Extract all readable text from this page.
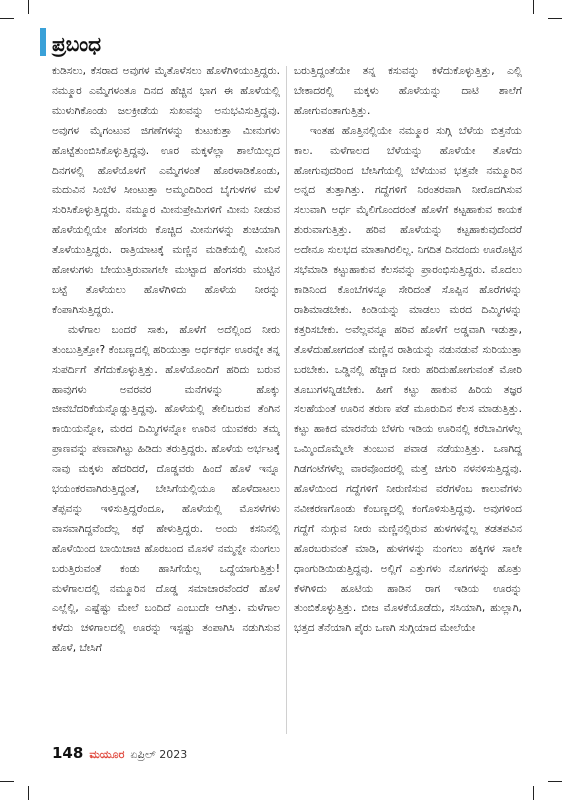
ಪ್ರಬಂಧ

ಕುಡಿಸಲು, ಕೆಸರಾದ ಅವುಗಳ ಮೈತೊಳೆಸಲು ಹೊಳೆಗಿಳಿಯುತ್ತಿದ್ದರು. ನಮ್ಮೂರ ಎಮ್ಮೆಗಳಂತೂ ದಿನದ ಹೆಚ್ಚಿನ ಭಾಗ ಈ ಹೊಳೆಯಲ್ಲಿ ಮುಳುಗಿಕೊಂಡು ಜಲಕ್ರೀಡೆಯ ಸುಖವನ್ನು ಅನುಭವಿಸುತ್ತಿದ್ದವು. ಅವುಗಳ ಮೈಗಂಟುವ ಜಿಗಣೆಗಳನ್ನು ಕುಟುಕುತ್ತಾ ಮೀನುಗಳು ಹೊಟ್ಟೆತುಂಬಿಸಿಕೊಳ್ಳುತ್ತಿದ್ದವು. ಊರ ಮಕ್ಕಳೆಲ್ಲಾ ಶಾಲೆಯಿಲ್ಲದ ದಿನಗಳಲ್ಲಿ ಹೊಳೆಯೊಳಗೆ ಎಮ್ಮೆಗಳಂತೆ ಹೊರಳಾಡಿಕೊಂಡು, ಮದುವಿನ ಸಿಂಬೆಳ ಸೀಂಟುತ್ತಾ ಅಮ್ಮಂದಿರಿಂದ ಬೈಗುಳಗಳ ಮಳೆ ಸುರಿಸಿಕೊಳ್ಳುತ್ತಿದ್ದರು. ನಮ್ಮೂರ ಮೀನುಪ್ರೇಮಿಗಳಿಗೆ ಮೀನು ನೀಡುವ ಹೊಳೆಯಲ್ಲಿಯೇ ಹೆಂಗಸರು ಕೊಚ್ಚಿದ ಮೀನುಗಳನ್ನು ಶುಚಿಯಾಗಿ ತೊಳೆಯುತ್ತಿದ್ದರು. ರಾತ್ರಿಯಾಟಕ್ಕೆ ಮಣ್ಣಿನ ಮಡಿಕೆಯಲ್ಲಿ ಮೀನಿನ ಹೋಳುಗಳು ಬೇಯುತ್ತಿರುವಾಗಲೇ ಮುಟ್ಟಾದ ಹೆಂಗಸರು ಮುಟ್ಟಿನ ಬಟ್ಟೆ ತೊಳೆಯಲು ಹೊಳೆಗಿಳಿದು ಹೊಳೆಯ ನೀರನ್ನು ಕೆಂಪಾಗಿಸುತ್ತಿದ್ದರು.

ಮಳೆಗಾಲ ಬಂದರೆ ಸಾಕು, ಹೊಳೆಗೆ ಅದೆಲ್ಲಿಂದ ನೀರು ತುಂಬುತ್ತಿತ್ತೋ? ಕೆಂಬಣ್ಣದಲ್ಲಿ ಹರಿಯುತ್ತಾ ಅರ್ಧಕರ್ಧ ಊರನ್ನೇ ತನ್ನ ಸುಪರ್ದಿಗೆ ತೆಗೆದುಕೊಳ್ಳುತ್ತಿತ್ತು. ಹೊಳೆಯೊಂದಿಗೆ ಹರಿದು ಬರುವ ಹಾವುಗಳು ಅವರವರ ಮನೆಗಳನ್ನು ಹೊಕ್ಕು ಜೀವಬೆದರಿಕೆಯನ್ನೊಡ್ಡುತ್ತಿದ್ದವು. ಹೊಳೆಯಲ್ಲಿ ತೇಲಿಬರುವ ತೆಂಗಿನ ಕಾಯಿಯನ್ನೋ, ಮರದ ದಿಮ್ಮಿಗಳನ್ನೋ ಊರಿನ ಯುವಕರು ತಮ್ಮ ಪ್ರಾಣವನ್ನು ಪಣವಾಗಿಟ್ಟು ಹಿಡಿದು ತರುತ್ತಿದ್ದರು. ಹೊಳೆಯ ಅರ್ಭಟಕ್ಕೆ ನಾವು ಮಕ್ಕಳು ಹೆದರಿದರೆ, ದೊಡ್ಡವರು ಹಿಂದೆ ಹೊಳೆ ಇನ್ನೂ ಭಯಂಕರವಾಗಿರುತ್ತಿದ್ದಂತೆ, ಬೇಸಿಗೆಯಲ್ಲಿಯೂ ಹೊಳೆದಾಟಲು ತೆಪ್ಪವನ್ನು ಇಳಿಸುತ್ತಿದ್ದರೆಂದೂ, ಹೊಳೆಯಲ್ಲಿ ಮೊಸಳೆಗಳು ವಾಸವಾಗಿದ್ದವೆಂದೆಲ್ಲ ಕಥೆ ಹೇಳುತ್ತಿದ್ದರು. ಅಂದು ಕಸನಿನಲ್ಲಿ ಹೊಳೆಯಿಂದ ಬಾಯಿಚಾಚಿ ಹೊರಬಂದ ಮೊಸಳೆ ನಮ್ಮನ್ನೇ ನುಂಗಲು ಬರುತ್ತಿರುವಂತೆ ಕಂಡು ಹಾಸಿಗೆಯೆಲ್ಲ ಒದ್ದೆಯಾಗುತ್ತಿತ್ತು! ಮಳೆಗಾಲದಲ್ಲಿ ನಮ್ಮೂರಿನ ದೊಡ್ಡ ಸಮಾಚಾರವೆಂದರೆ ಹೊಳೆ ಎಲ್ಲೆಲ್ಲಿ, ಎಷ್ಟೆಷ್ಟು ಮೇಲೆ ಬಂದಿದೆ ಎಂಬುದೇ ಆಗಿತ್ತು. ಮಳೆಗಾಲ ಕಳೆದು ಚಳಿಗಾಲದಲ್ಲಿ ಊರನ್ನು ಇಸ್ಪಷ್ಟು ತಂಪಾಗಿಸಿ ನಡುಗಿಸುವ ಹೊಳೆ, ಬೇಸಿಗೆ

ಬರುತ್ತಿದ್ದಂತೆಯೇ ತನ್ನ ಕಸುವನ್ನು ಕಳೆದುಕೊಳ್ಳುತ್ತಿತ್ತು, ಎಲ್ಲಿ ಬೇಕಾದರಲ್ಲಿ ಮಕ್ಕಳು ಹೊಳೆಯನ್ನು ದಾಟಿ ಶಾಲೆಗೆ ಹೋಗುವಂತಾಗುತ್ತಿತ್ತು.

ಇಂತಹ ಹೊತ್ತಿನಲ್ಲಿಯೇ ನಮ್ಮೂರ ಸುಗ್ಗಿ ಬೆಳೆಯ ಬಿತ್ತನೆಯ ಕಾಲ. ಮಳೆಗಾಲದ ಬೆಳೆಯನ್ನು ಹೊಳೆಯೇ ತೊಳೆದು ಹೋಗುವುದರಿಂದ ಬೇಸಿಗೆಯಲ್ಲಿ ಬೆಳೆಯುವ ಭತ್ತವೇ ನಮ್ಮೂರಿನ ಅನ್ನದ ತುತ್ತಾಗಿತ್ತು. ಗದ್ದೆಗಳಿಗೆ ನಿರಂತರವಾಗಿ ನೀರೊದಗಿಸುವ ಸಲುವಾಗಿ ಅರ್ಧ ಮೈಲಿಗೊಂದರಂತೆ ಹೊಳೆಗೆ ಕಟ್ಟಹಾಕುವ ಕಾಯಕ ಶುರುವಾಗುತ್ತಿತ್ತು. ಹರಿವ ಹೊಳೆಯನ್ನು ಕಟ್ಟಹಾಕುವುದೆಂದರೆ ಅದೇನೂ ಸುಲಭದ ಮಾತಾಗಿರಲಿಲ್ಲ. ನಿಗದಿತ ದಿನದಂದು ಊರೊಟ್ಟಿನ ಸಭೆಮಾಡಿ ಕಟ್ಟುಹಾಕುವ ಕೆಲಸವನ್ನು ಪ್ರಾರಂಭಿಸುತ್ತಿದ್ದರು. ಮೊದಲು ಕಾಡಿನಿಂದ ಕೊಂಬೆಗಳನ್ನೂ ಸೇರಿದಂತೆ ಸೊಪ್ಪಿನ ಹೊರೆಗಳನ್ನು ರಾಶಿಮಾಡಬೇಕು. ಕಿಂಡಿಯನ್ನು ಮಾಡಲು ಮರದ ದಿಮ್ಮಿಗಳನ್ನು ಕತ್ತರಿಸಬೇಕು. ಅವೆಲ್ಲವನ್ನೂ ಹರಿವ ಹೊಳೆಗೆ ಅಡ್ಡವಾಗಿ ಇಡುತ್ತಾ, ತೊಳೆದುಹೋಗದಂತೆ ಮಣ್ಣಿನ ರಾಶಿಯನ್ನು ನಡುನಡುವೆ ಸುರಿಯುತ್ತಾ ಬರಬೇಕು. ಒಡ್ಡಿನಲ್ಲಿ ಹೆಚ್ಚಾದ ನೀರು ಹರಿದುಹೋಗುವಂತೆ ಮೋರಿ ತೂಬುಗಳನ್ನಿಡಬೇಕು. ಹೀಗೆ ಕಟ್ಟು ಹಾಕುವ ಹಿರಿಯ ತಜ್ಞರ ಸಲಹೆಯಂತೆ ಊರಿನ ತರುಣ ಪಡೆ ಮೂರುದಿನ ಕೆಲಸ ಮಾಡುತ್ತಿತ್ತು. ಕಟ್ಟು ಹಾಕಿದ ಮಾರನೆಯ ಬೆಳಗು ಇಡಿಯ ಊರಿನಲ್ಲಿ ಕರೆಬಾವಿಗಳೆಲ್ಲ ಒಮ್ಮಿಂದೊಮ್ಮೆಲೇ ತುಂಬುವ ಪವಾಡ ನಡೆಯುತ್ತಿತ್ತು. ಒಣಗಿದ್ದ ಗಿಡಗಂಟೆಗಳೆಲ್ಲ ವಾರವೊಂದರಲ್ಲಿ ಮತ್ತೆ ಚಿಗುರಿ ನಳನಳಿಸುತ್ತಿದ್ದವು. ಹೊಳೆಯಿಂದ ಗದ್ದೆಗಳಿಗೆ ನೀರುಣಿಸುವ ವರೆಗಳೆಂಬ ಕಾಲುವೆಗಳು ನವೀಕರಣಗೊಂಡು ಕೆಂಬಣ್ಣದಲ್ಲಿ ಕಂಗೊಳಿಸುತ್ತಿದ್ದವು. ಅವುಗಳಿಂದ ಗದ್ದೆಗೆ ನುಗ್ಗುವ ನೀರು ಮಣ್ಣಿನಲ್ಲಿರುವ ಹುಳಗಳನ್ನೆಲ್ಲ ತಡತಪವಿನ ಹೊರಬರುವಂತೆ ಮಾಡಿ, ಹುಳಗಳನ್ನು ನುಂಗಲು ಹಕ್ಕಿಗಳ ಸಾಲೇ ಧಾಂಗುಡಿಯಿಡುತ್ತಿದ್ದವು. ಅಲ್ಲಿಗೆ ಎತ್ತುಗಳು ನೊಗಗಳನ್ನು ಹೊತ್ತು ಕೆಳಗಿಳಿದು ಹೂಟಿಯ ಹಾಡಿನ ರಾಗ ಇಡಿಯ ಊರನ್ನು ತುಂಬಿಕೊಳ್ಳುತ್ತಿತ್ತು. ಬೀಜ ಮೊಳಕೆಯೊಡೆದು, ಸಸಿಯಾಗಿ, ಹುಲ್ಲಾಗಿ, ಭತ್ತದ ತೆನೆಯಾಗಿ ಪೈರು ಒಣಗಿ ಸುಗ್ಗಿಯಾದ ಮೇಲೆಯೇ

148 ಮಯೂರ ಏಪ್ರಿಲ್ 2023
